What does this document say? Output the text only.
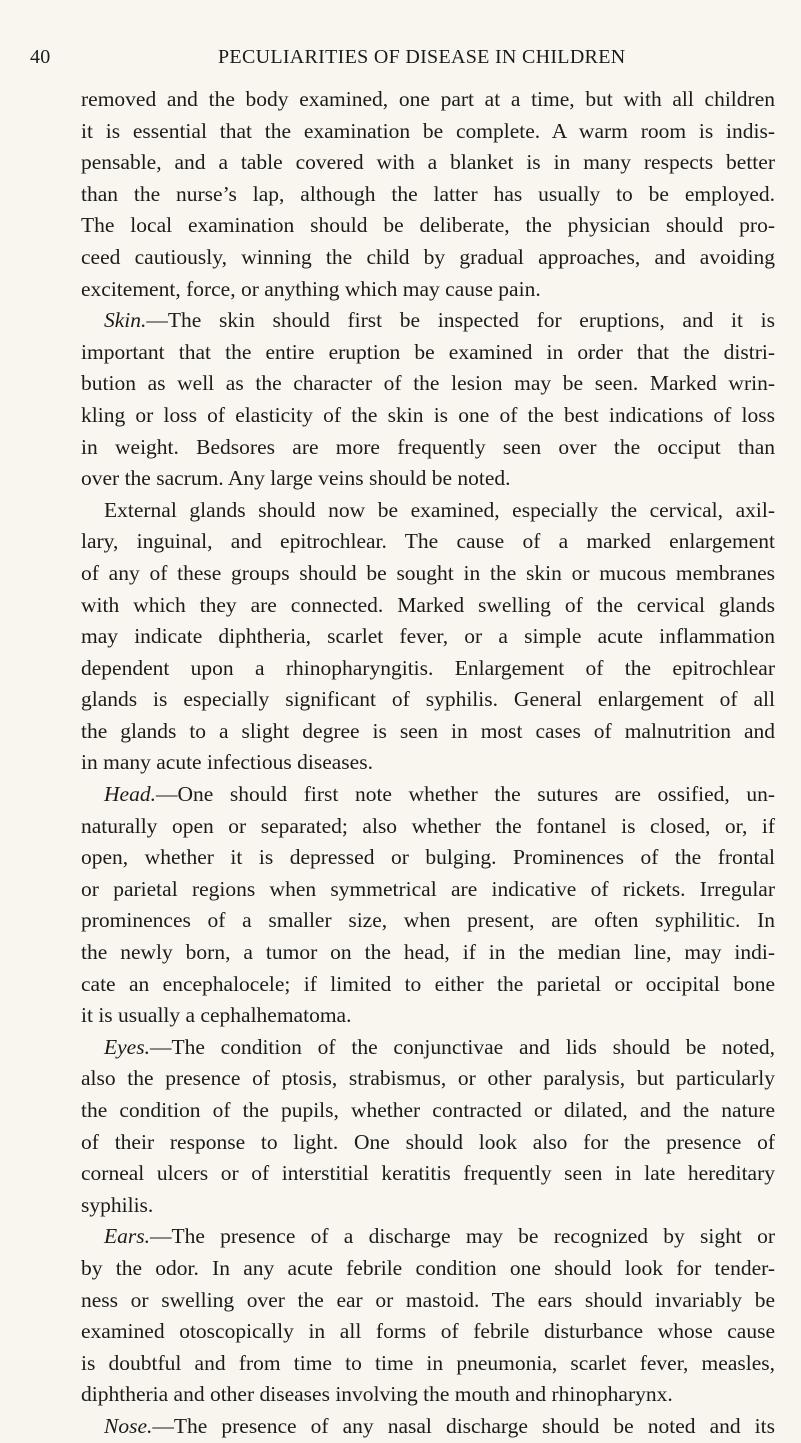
40	PECULIARITIES OF DISEASE IN CHILDREN
removed and the body examined, one part at a time, but with all children
it is essential that the examination be complete. A warm room is indis-
pensable, and a table covered with a blanket is in many respects better
than the nurse’s lap, although the latter has usually to be employed.
The local examination should be deliberate, the physician should pro-
ceed cautiously, winning the child by gradual approaches, and avoiding
excitement, force, or anything which may cause pain.
Skin.—The skin should first be inspected for eruptions, and it is
important that the entire eruption be examined in order that the distri-
bution as well as the character of the lesion may be seen. Marked wrin-
kling or loss of elasticity of the skin is one of the best indications of loss
in weight. Bedsores are more frequently seen over the occiput than
over the sacrum. Any large veins should be noted.
External glands should now be examined, especially the cervical, axil-
lary, inguinal, and epitrochlear. The cause of a marked enlargement
of any of these groups should be sought in the skin or mucous membranes
with which they are connected. Marked swelling of the cervical glands
may indicate diphtheria, scarlet fever, or a simple acute inflammation
dependent upon a rhinopharyngitis. Enlargement of the epitrochlear
glands is especially significant of syphilis. General enlargement of all
the glands to a slight degree is seen in most cases of malnutrition and
in many acute infectious diseases.
Head.—One should first note whether the sutures are ossified, un-
naturally open or separated; also whether the fontanel is closed, or, if
open, whether it is depressed or bulging. Prominences of the frontal
or parietal regions when symmetrical are indicative of rickets. Irregular
prominences of a smaller size, when present, are often syphilitic. In
the newly born, a tumor on the head, if in the median line, may indi-
cate an encephalocele; if limited to either the parietal or occipital bone
it is usually a cephalhematoma.
Eyes.—The condition of the conjunctivae and lids should be noted,
also the presence of ptosis, strabismus, or other paralysis, but particularly
the condition of the pupils, whether contracted or dilated, and the nature
of their response to light. One should look also for the presence of
corneal ulcers or of interstitial keratitis frequently seen in late hereditary
syphilis.
Ears.—The presence of a discharge may be recognized by sight or
by the odor. In any acute febrile condition one should look for tender-
ness or swelling over the ear or mastoid. The ears should invariably be
examined otoscopically in all forms of febrile disturbance whose cause
is doubtful and from time to time in pneumonia, scarlet fever, measles,
diphtheria and other diseases involving the mouth and rhinopharynx.
Nose.—The presence of any nasal discharge should be noted and its
